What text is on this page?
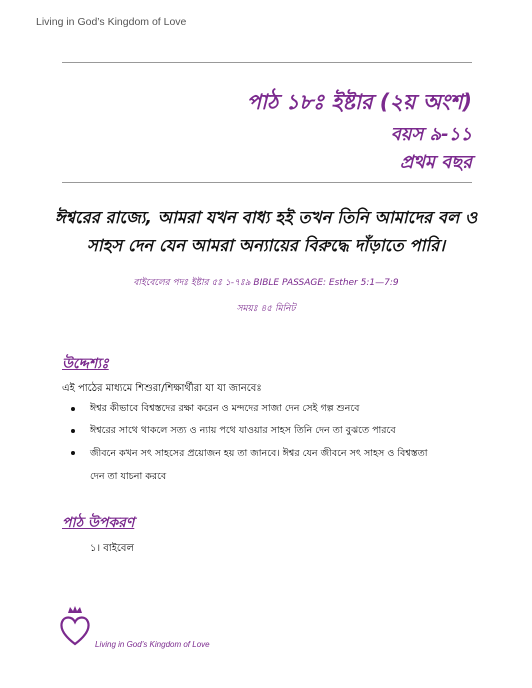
Living in God’s Kingdom of Love
পাঠ ১৮ঃ ইষ্টার (২য় অংশ)
বয়স ৯-১১
প্রথম বছর
ঈশ্বরের রাজ্যে, আমরা যখন বাধ্য হই তখন তিনি আমাদের বল ও সাহস দেন যেন আমরা অন্যায়ের বিরুদ্ধে দাঁড়াতে পারি।
বাইবেলের পদঃ ইষ্টার ৫ঃ ১-৭ঃ৯ BIBLE PASSAGE: Esther 5:1—7:9
সময়ঃ ৪৫ মিনিট
উদ্দেশ্যঃ
এই পাঠের মাধ্যমে শিশুরা/শিক্ষার্থীরা যা যা জানবেঃ
ঈশ্বর কীভাবে বিশ্বস্তদের রক্ষা করেন ও মন্দদের সাজা দেন সেই গল্প শুনবে
ঈশ্বরের সাথে থাকলে সত্য ও ন্যায় পথে যাওয়ার সাহস তিনি দেন তা বুঝতে পারবে
জীবনে কখন সৎ সাহসের প্রয়োজন হয় তা জানবে। ঈশ্বর যেন জীবনে সৎ সাহস ও বিশ্বস্ততা
দেন তা যাচনা করবে
পাঠ উপকরণ
১। বাইবেল
Living in God’s Kingdom of Love
